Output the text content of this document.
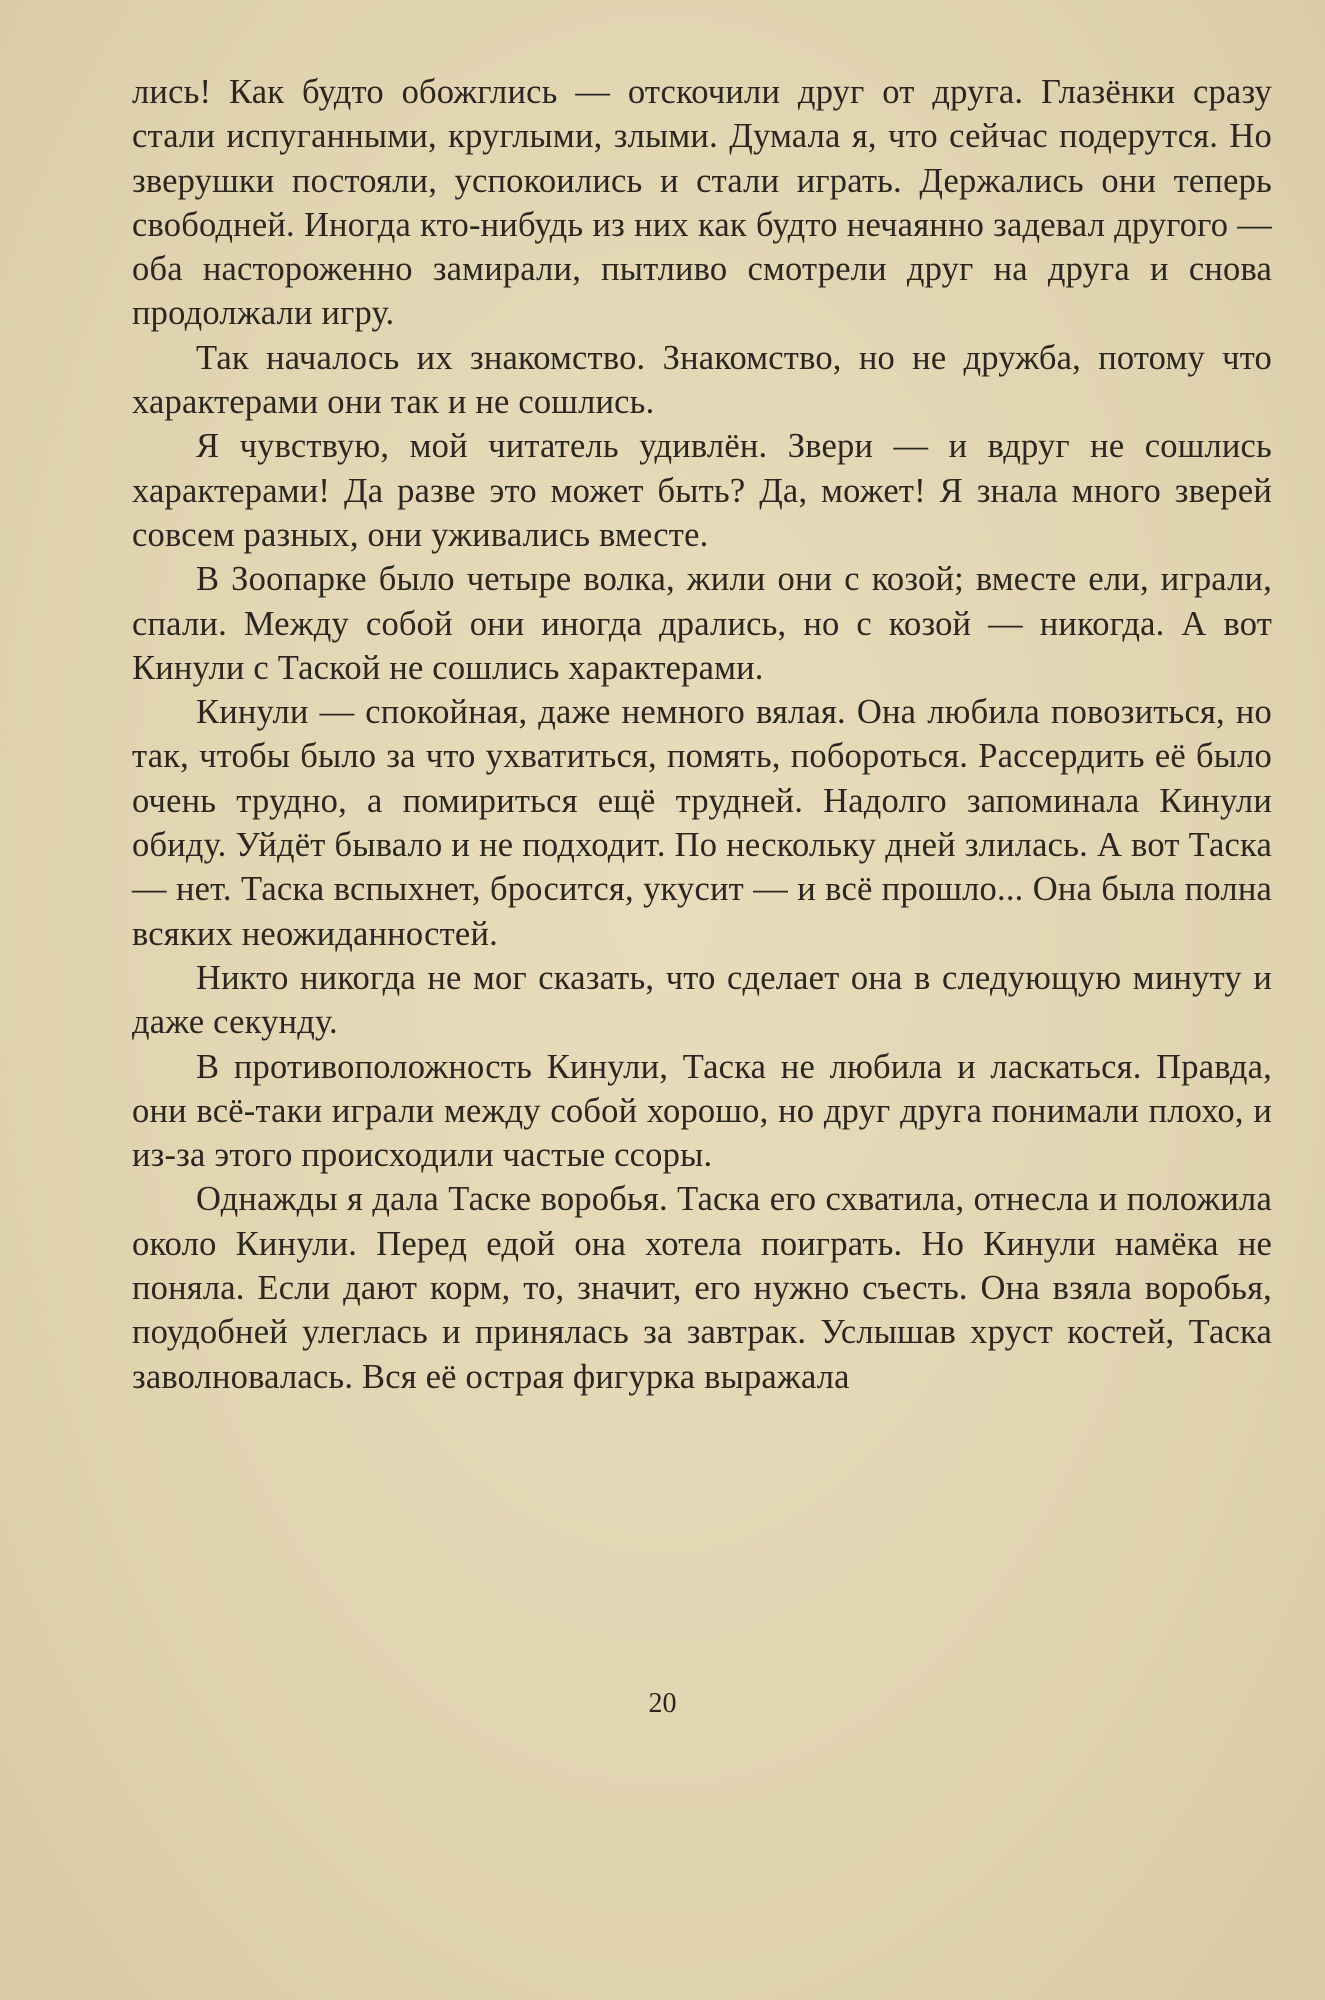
лись! Как будто обожглись — отскочили друг от друга. Глазёнки сразу стали испуганными, круглыми, злыми. Думала я, что сейчас подерутся. Но зверушки постояли, успокоились и стали играть. Держались они теперь свободней. Иногда кто-нибудь из них как будто нечаянно задевал другого — оба настороженно замирали, пытливо смотрели друг на друга и снова продолжали игру.

Так началось их знакомство. Знакомство, но не дружба, потому что характерами они так и не сошлись.

Я чувствую, мой читатель удивлён. Звери — и вдруг не сошлись характерами! Да разве это может быть? Да, может! Я знала много зверей совсем разных, они уживались вместе.

В Зоопарке было четыре волка, жили они с козой; вместе ели, играли, спали. Между собой они иногда дрались, но с козой — никогда. А вот Кинули с Таской не сошлись характерами.

Кинули — спокойная, даже немного вялая. Она любила повозиться, но так, чтобы было за что ухватиться, помять, побороться. Рассердить её было очень трудно, а помириться ещё трудней. Надолго запоминала Кинули обиду. Уйдёт бывало и не подходит. По нескольку дней злилась. А вот Таска — нет. Таска вспыхнет, бросится, укусит — и всё прошло... Она была полна всяких неожиданностей.

Никто никогда не мог сказать, что сделает она в следующую минуту и даже секунду.

В противоположность Кинули, Таска не любила и ласкаться. Правда, они всё-таки играли между собой хорошо, но друг друга понимали плохо, и из-за этого происходили частые ссоры.

Однажды я дала Таске воробья. Таска его схватила, отнесла и положила около Кинули. Перед едой она хотела поиграть. Но Кинули намёка не поняла. Если дают корм, то, значит, его нужно съесть. Она взяла воробья, поудобней улеглась и принялась за завтрак. Услышав хруст костей, Таска заволновалась. Вся её острая фигурка выражала

20
